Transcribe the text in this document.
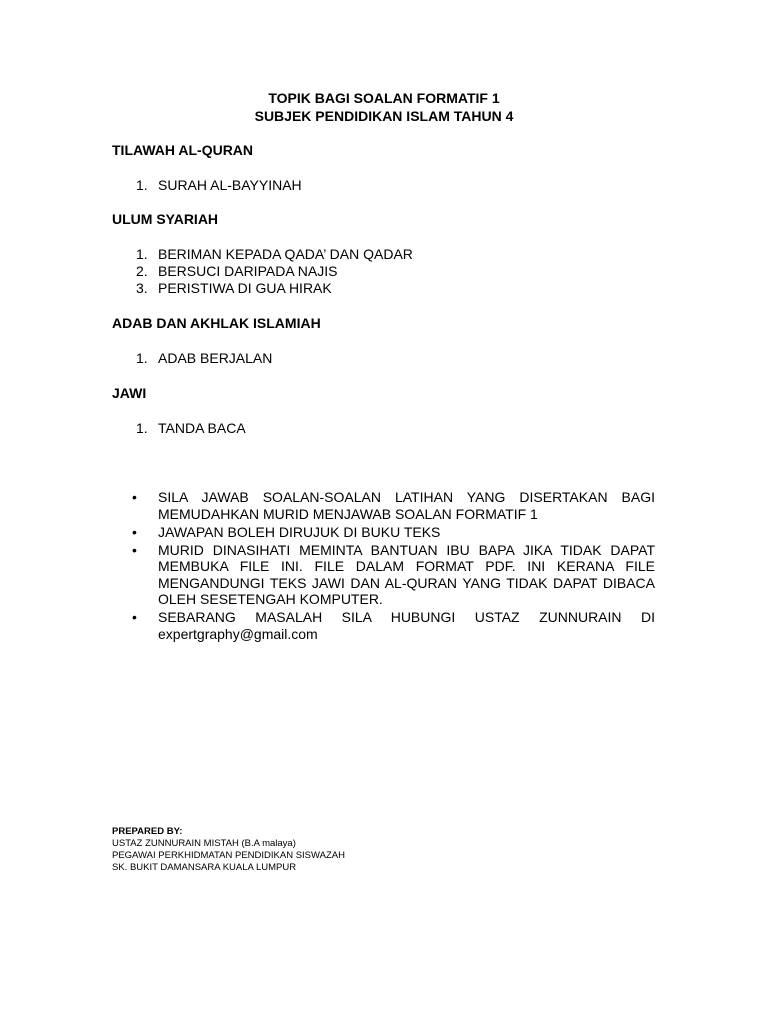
TOPIK BAGI SOALAN FORMATIF 1
SUBJEK PENDIDIKAN ISLAM TAHUN 4
TILAWAH AL-QURAN
1. SURAH AL-BAYYINAH
ULUM SYARIAH
1. BERIMAN KEPADA QADA’ DAN QADAR
2. BERSUCI DARIPADA NAJIS
3. PERISTIWA DI GUA HIRAK
ADAB DAN AKHLAK ISLAMIAH
1. ADAB BERJALAN
JAWI
1. TANDA BACA
• SILA JAWAB SOALAN-SOALAN LATIHAN YANG DISERTAKAN BAGI MEMUDAHKAN MURID MENJAWAB SOALAN FORMATIF 1
• JAWAPAN BOLEH DIRUJUK DI BUKU TEKS
• MURID DINASIHATI MEMINTA BANTUAN IBU BAPA JIKA TIDAK DAPAT MEMBUKA FILE INI. FILE DALAM FORMAT PDF. INI KERANA FILE MENGANDUNGI TEKS JAWI DAN AL-QURAN YANG TIDAK DAPAT DIBACA OLEH SESETENGAH KOMPUTER.
• SEBARANG MASALAH SILA HUBUNGI USTAZ ZUNNURAIN DI expertgraphy@gmail.com
PREPARED BY:
USTAZ ZUNNURAIN MISTAH (B.A malaya)
PEGAWAI PERKHIDMATAN PENDIDIKAN SISWAZAH
SK. BUKIT DAMANSARA KUALA LUMPUR
